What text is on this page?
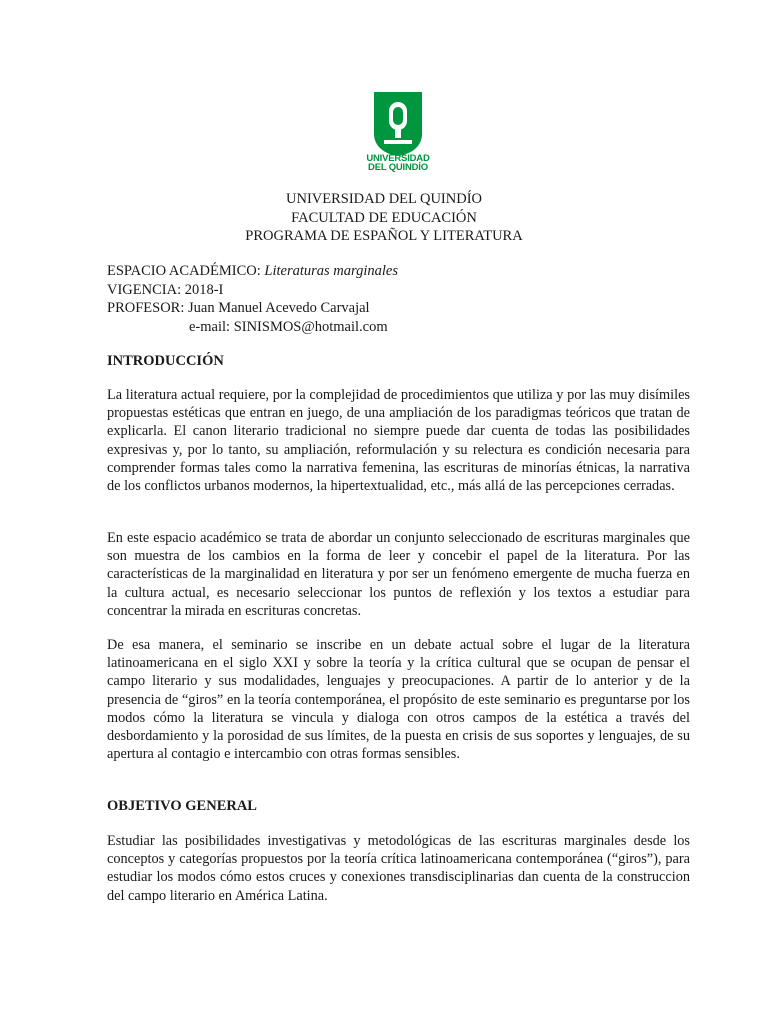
UNIVERSIDAD
DEL QUINDÍO
UNIVERSIDAD DEL QUINDÍO
FACULTAD DE EDUCACIÓN
PROGRAMA DE ESPAÑOL Y LITERATURA
ESPACIO ACADÉMICO: Literaturas marginales
VIGENCIA: 2018-I
PROFESOR: Juan Manuel Acevedo Carvajal
e-mail: SINISMOS@hotmail.com
INTRODUCCIÓN

La literatura actual requiere, por la complejidad de procedimientos que utiliza y por las muy disímiles propuestas estéticas que entran en juego, de una ampliación de los paradigmas teóricos que tratan de explicarla. El canon literario tradicional no siempre puede dar cuenta de todas las posibilidades expresivas y, por lo tanto, su ampliación, reformulación y su relectura es condición necesaria para comprender formas tales como la narrativa femenina, las escrituras de minorías étnicas, la narrativa de los conflictos urbanos modernos, la hipertextualidad, etc., más allá de las percepciones cerradas.

En este espacio académico se trata de abordar un conjunto seleccionado de escrituras marginales que son muestra de los cambios en la forma de leer y concebir el papel de la literatura. Por las características de la marginalidad en literatura y por ser un fenómeno emergente de mucha fuerza en la cultura actual, es necesario seleccionar los puntos de reflexión y los textos a estudiar para concentrar la mirada en escrituras concretas.

De esa manera, el seminario se inscribe en un debate actual sobre el lugar de la literatura latinoamericana en el siglo XXI y sobre la teoría y la crítica cultural que se ocupan de pensar el campo literario y sus modalidades, lenguajes y preocupaciones. A partir de lo anterior y de la presencia de “giros” en la teoría contemporánea, el propósito de este seminario es preguntarse por los modos cómo la literatura se vincula y dialoga con otros campos de la estética a través del desbordamiento y la porosidad de sus límites, de la puesta en crisis de sus soportes y lenguajes, de su apertura al contagio e intercambio con otras formas sensibles.

OBJETIVO GENERAL

Estudiar las posibilidades investigativas y metodológicas de las escrituras marginales desde los conceptos y categorías propuestos por la teoría crítica latinoamericana contemporánea (“giros”), para estudiar los modos cómo estos cruces y conexiones transdisciplinarias dan cuenta de la construccion del campo literario en América Latina.
